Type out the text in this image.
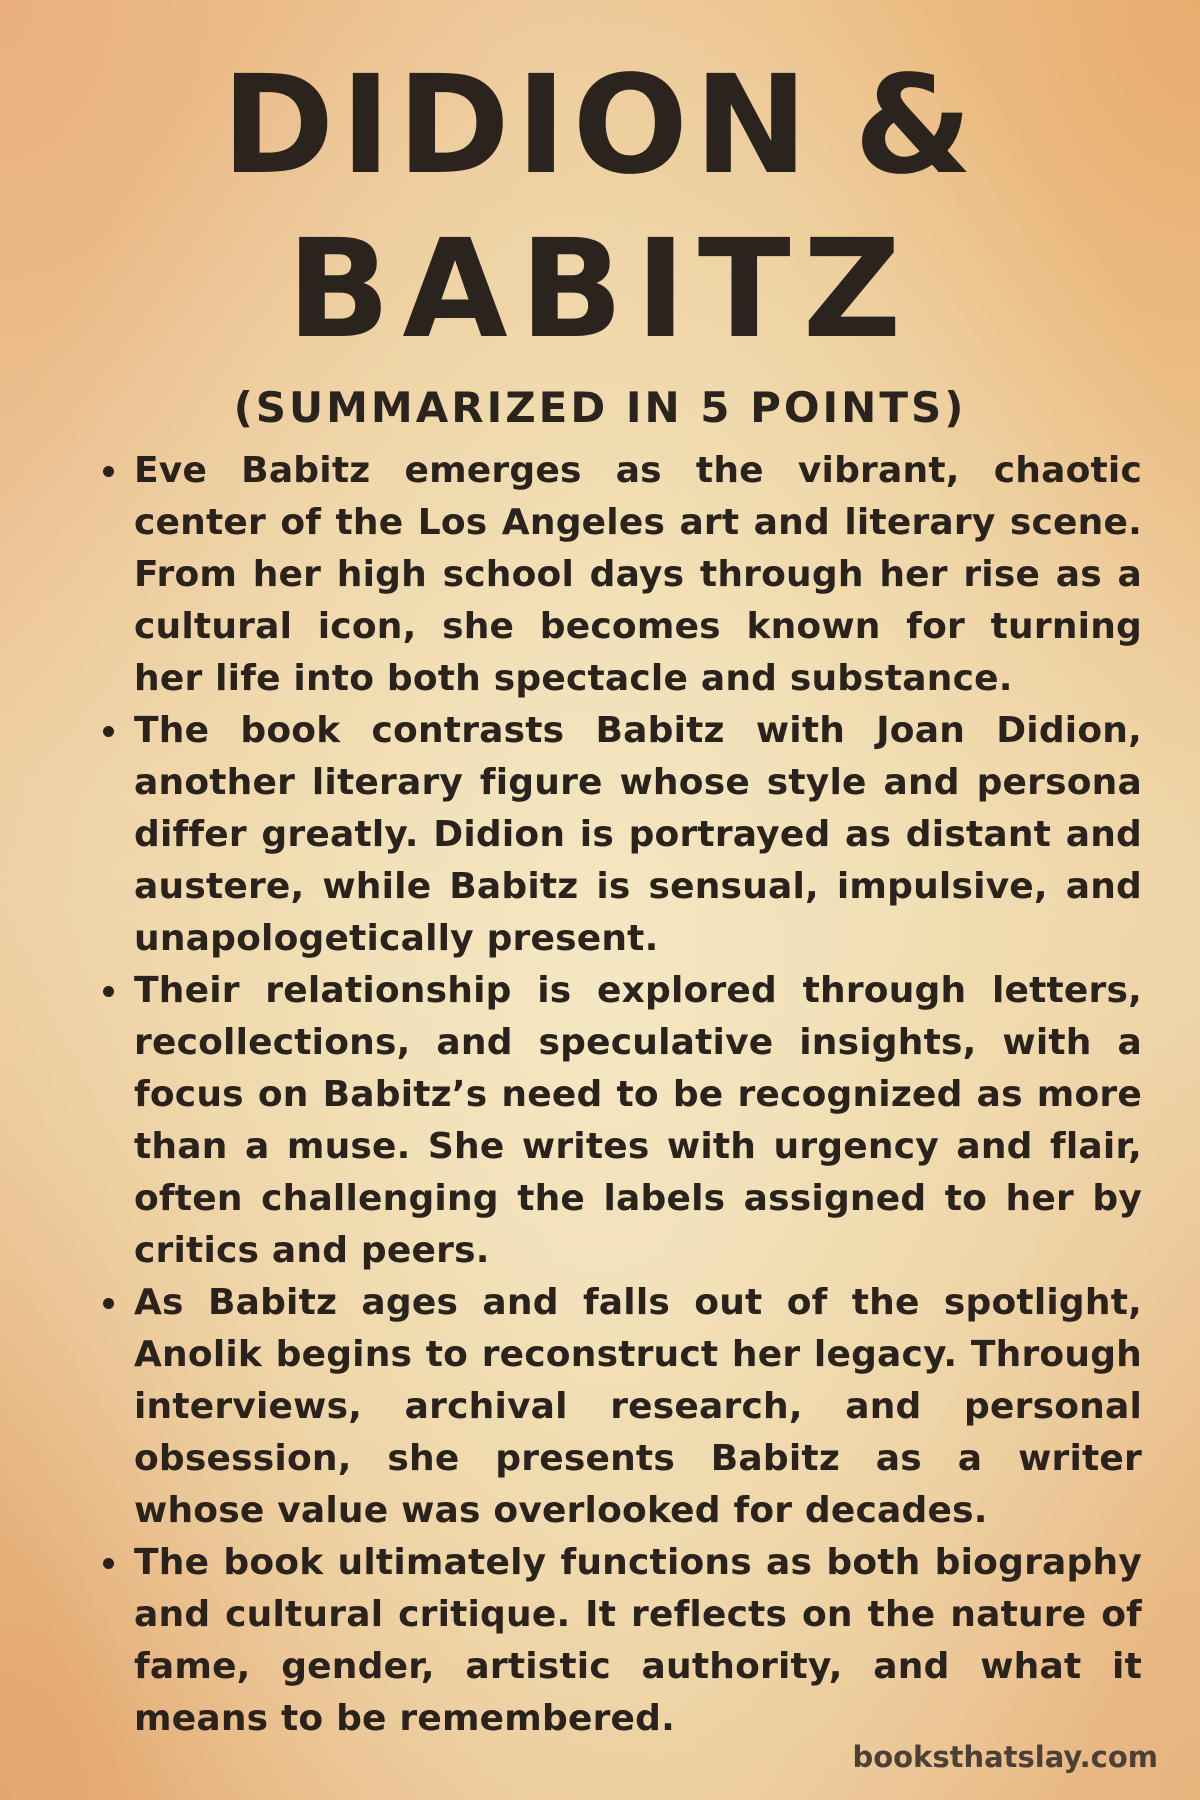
DIDION &
BABITZ
(SUMMARIZED IN 5 POINTS)
Eve Babitz emerges as the vibrant, chaotic center of the Los Angeles art and literary scene. From her high school days through her rise as a cultural icon, she becomes known for turning her life into both spectacle and substance.
The book contrasts Babitz with Joan Didion, another literary figure whose style and persona differ greatly. Didion is portrayed as distant and austere, while Babitz is sensual, impulsive, and unapologetically present.
Their relationship is explored through letters, recollections, and speculative insights, with a focus on Babitz’s need to be recognized as more than a muse. She writes with urgency and flair, often challenging the labels assigned to her by critics and peers.
As Babitz ages and falls out of the spotlight, Anolik begins to reconstruct her legacy. Through interviews, archival research, and personal obsession, she presents Babitz as a writer whose value was overlooked for decades.
The book ultimately functions as both biography and cultural critique. It reflects on the nature of fame, gender, artistic authority, and what it means to be remembered.

booksthatslay.com
